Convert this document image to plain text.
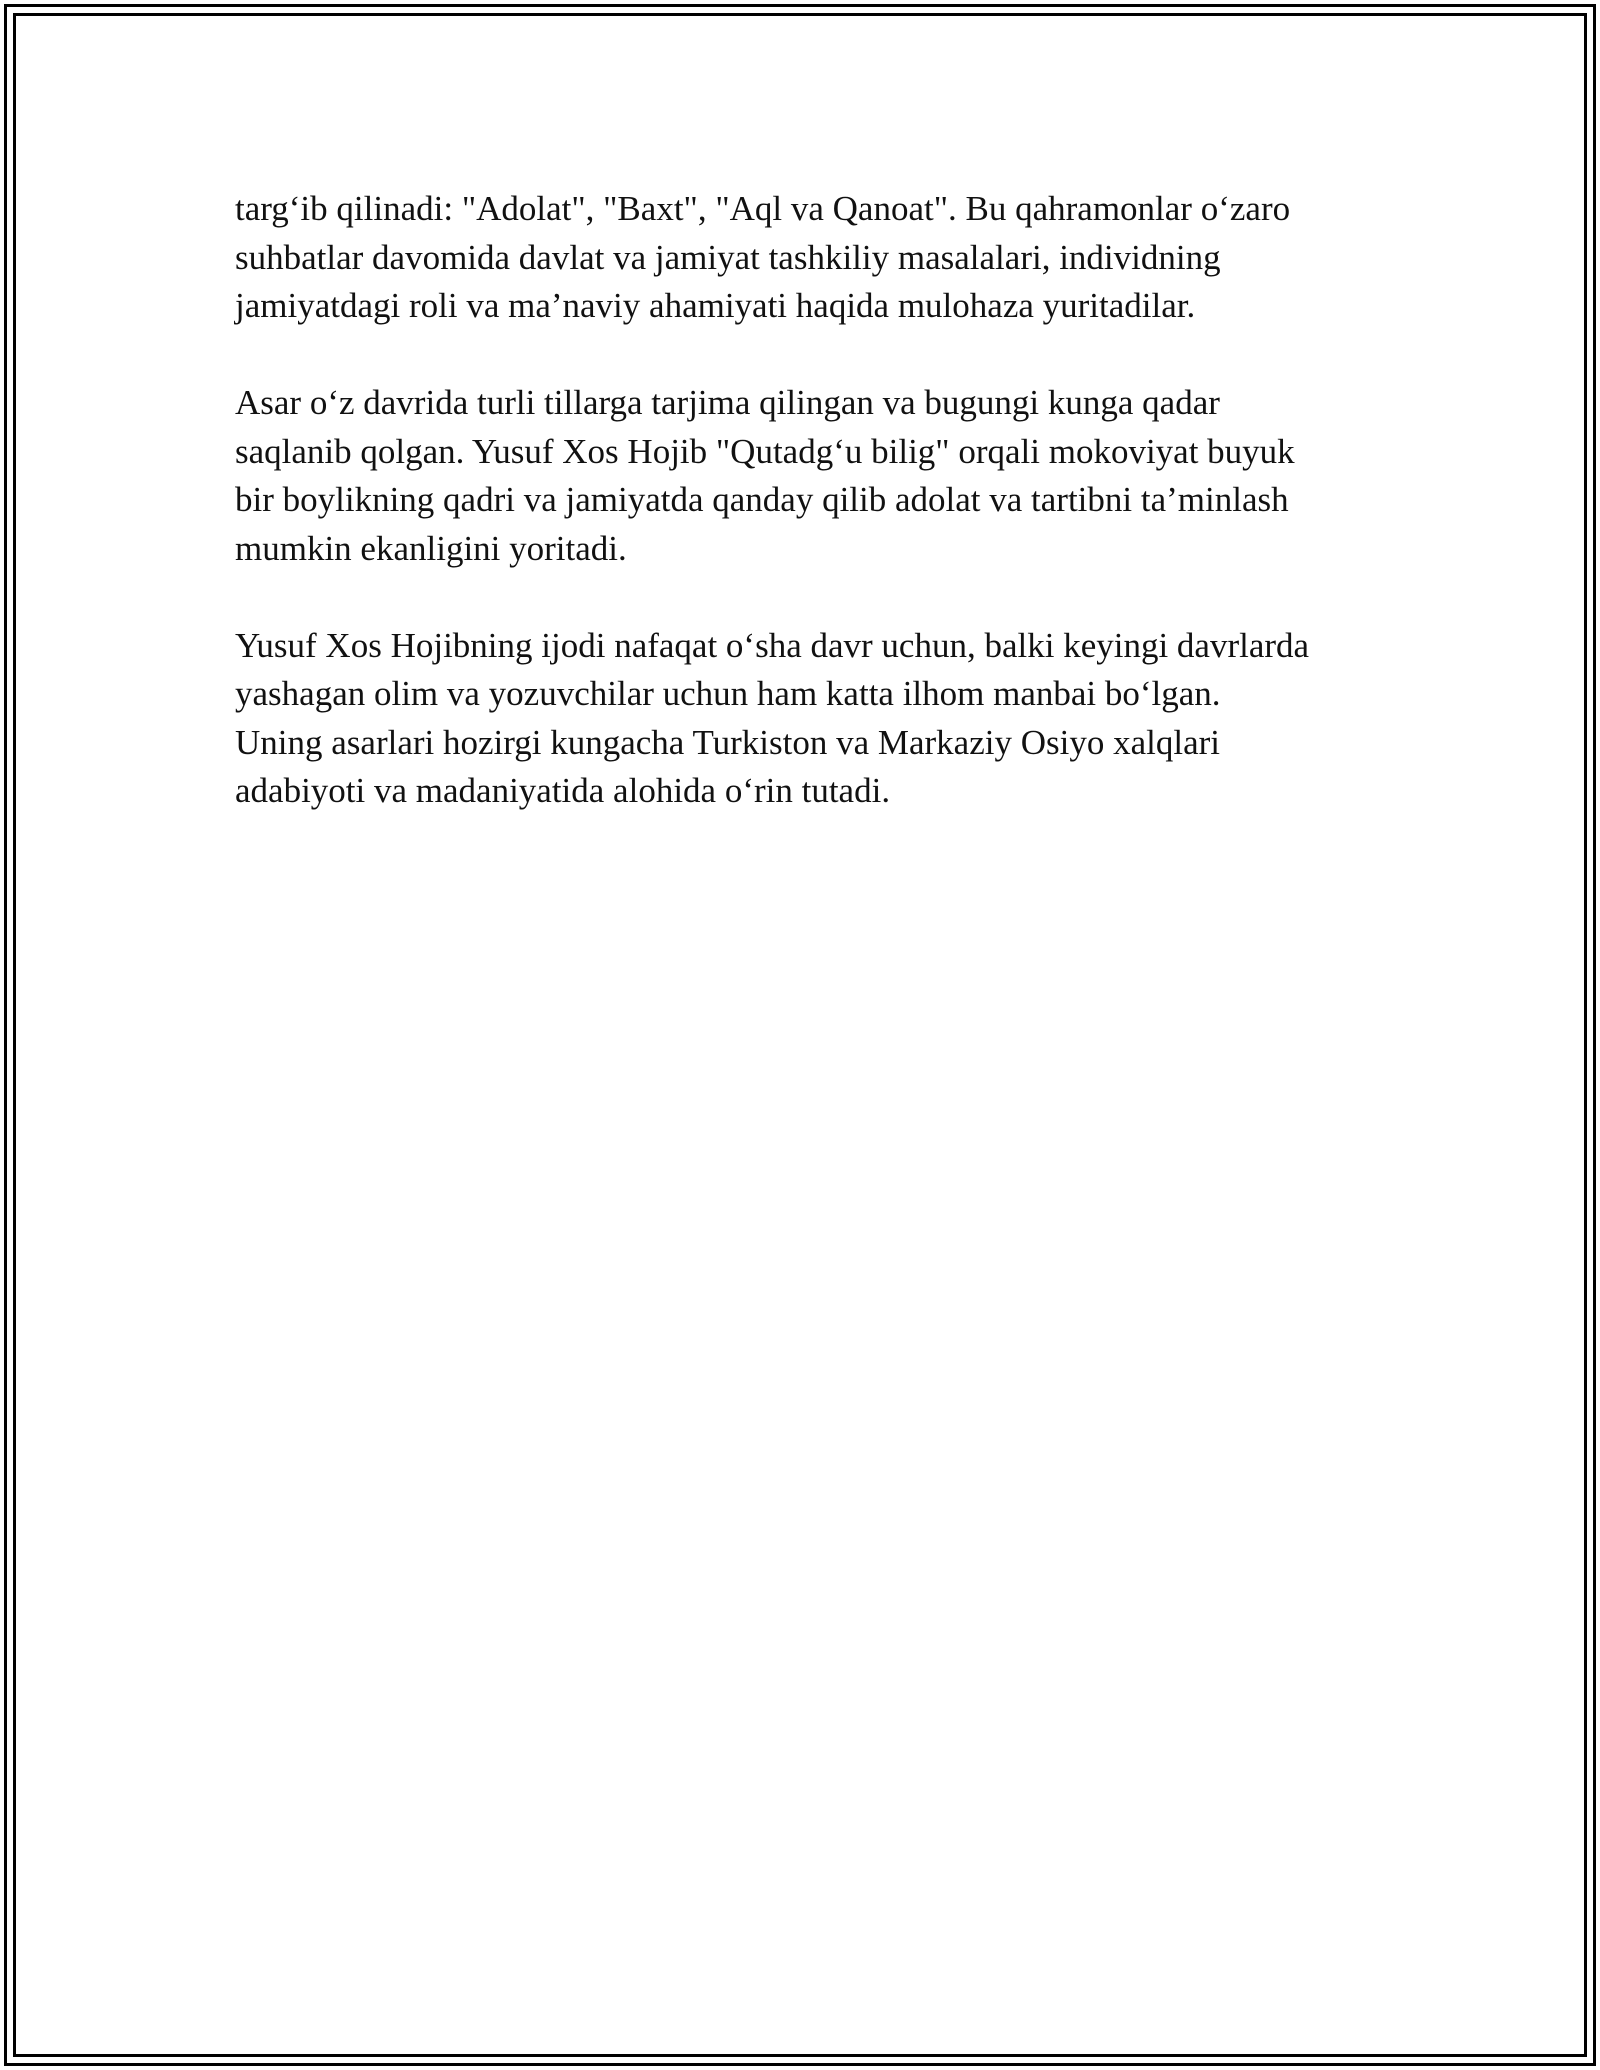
targ‘ib qilinadi: "Adolat", "Baxt", "Aql va Qanoat". Bu qahramonlar o‘zaro
suhbatlar davomida davlat va jamiyat tashkiliy masalalari, individning
jamiyatdagi roli va ma’naviy ahamiyati haqida mulohaza yuritadilar.

Asar o‘z davrida turli tillarga tarjima qilingan va bugungi kunga qadar
saqlanib qolgan. Yusuf Xos Hojib "Qutadg‘u bilig" orqali mokoviyat buyuk
bir boylikning qadri va jamiyatda qanday qilib adolat va tartibni ta’minlash
mumkin ekanligini yoritadi.

Yusuf Xos Hojibning ijodi nafaqat o‘sha davr uchun, balki keyingi davrlarda
yashagan olim va yozuvchilar uchun ham katta ilhom manbai bo‘lgan.
Uning asarlari hozirgi kungacha Turkiston va Markaziy Osiyo xalqlari
adabiyoti va madaniyatida alohida o‘rin tutadi.
